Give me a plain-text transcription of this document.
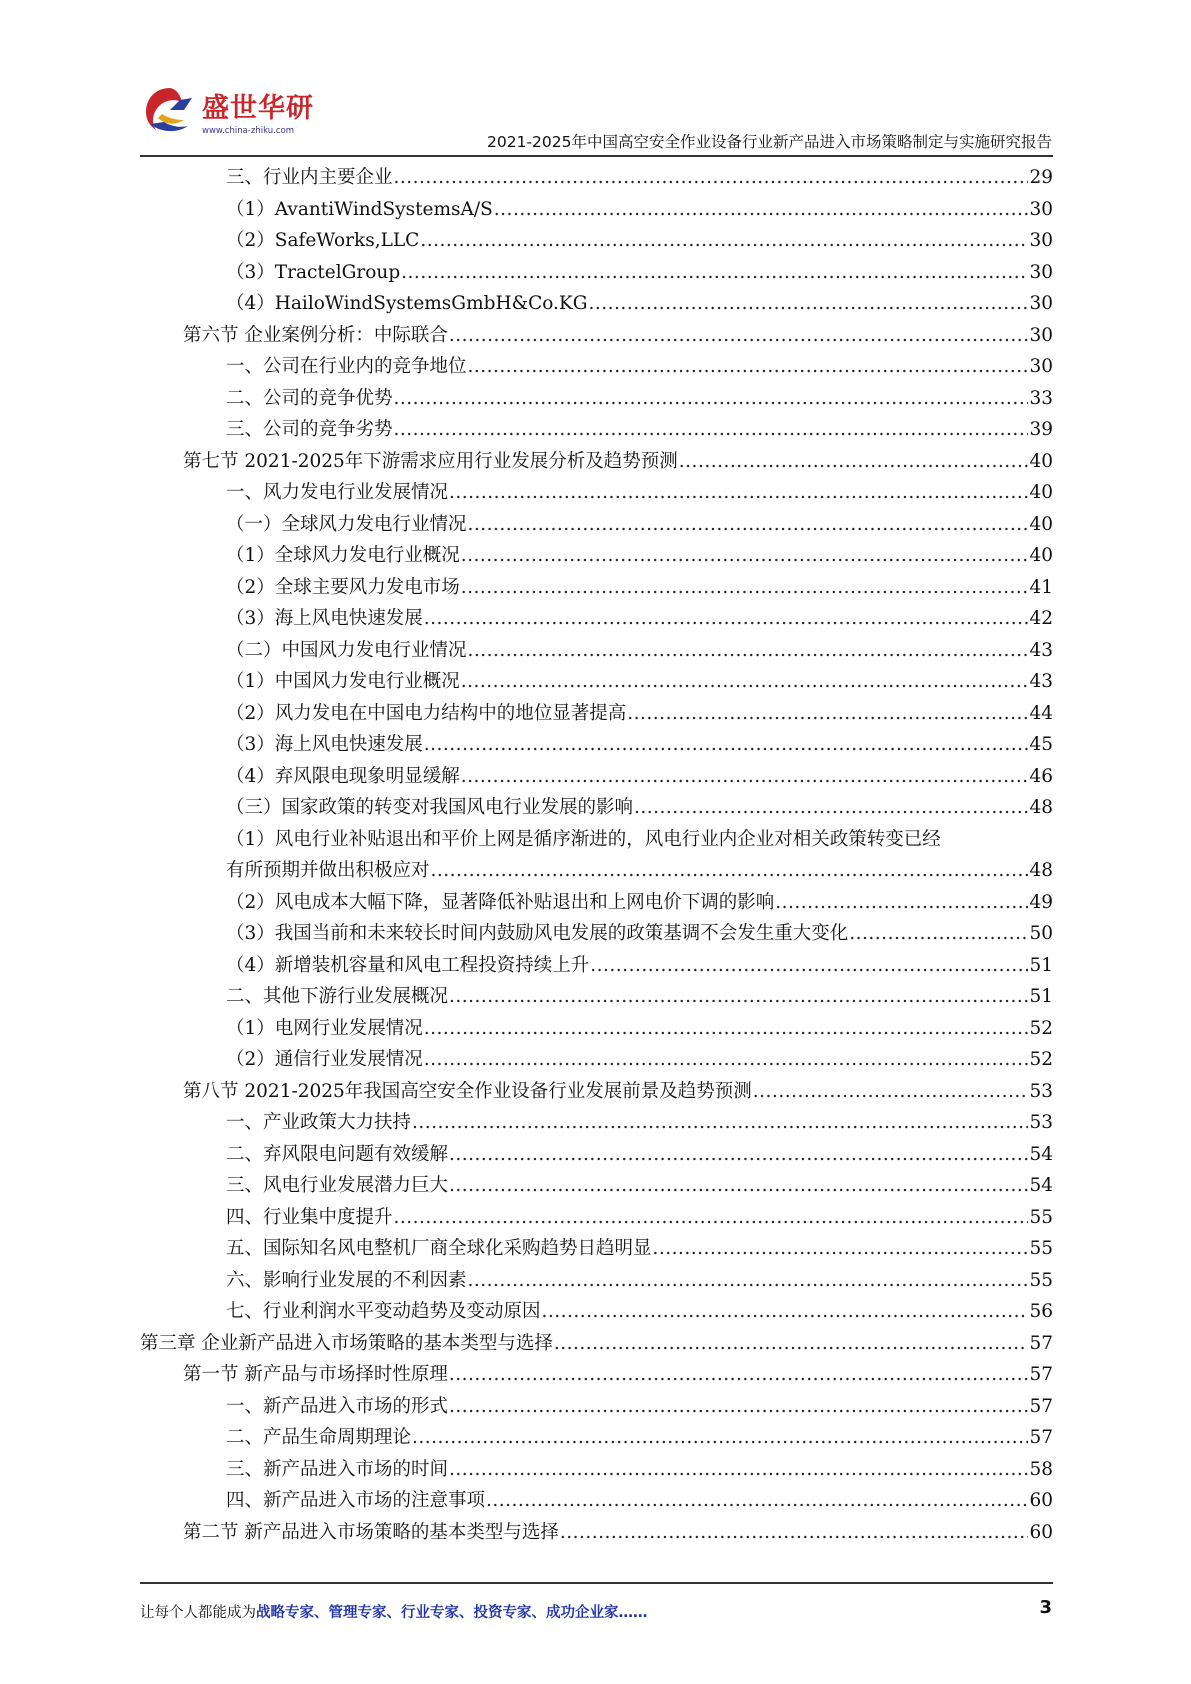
盛世华研
www.china-zhiku.com
2021-2025年中国高空安全作业设备行业新产品进入市场策略制定与实施研究报告
三、行业内主要企业 .....	29
（1）AvantiWindSystemsA/S .....	30
（2）SafeWorks,LLC .....	30
（3）TractelGroup .....	30
（4）HailoWindSystemsGmbH&Co.KG .....	30
第六节 企业案例分析：中际联合 .....	30
一、公司在行业内的竞争地位 .....	30
二、公司的竞争优势 .....	33
三、公司的竞争劣势 .....	39
第七节 2021-2025年下游需求应用行业发展分析及趋势预测 .....	40
一、风力发电行业发展情况 .....	40
（一）全球风力发电行业情况 .....	40
（1）全球风力发电行业概况 .....	40
（2）全球主要风力发电市场 .....	41
（3）海上风电快速发展 .....	42
（二）中国风力发电行业情况 .....	43
（1）中国风力发电行业概况 .....	43
（2）风力发电在中国电力结构中的地位显著提高 .....	44
（3）海上风电快速发展 .....	45
（4）弃风限电现象明显缓解 .....	46
（三）国家政策的转变对我国风电行业发展的影响 .....	48
（1）风电行业补贴退出和平价上网是循序渐进的，风电行业内企业对相关政策转变已经
有所预期并做出积极应对 .....	48
（2）风电成本大幅下降，显著降低补贴退出和上网电价下调的影响 .....	49
（3）我国当前和未来较长时间内鼓励风电发展的政策基调不会发生重大变化 .....	50
（4）新增装机容量和风电工程投资持续上升 .....	51
二、其他下游行业发展概况 .....	51
（1）电网行业发展情况 .....	52
（2）通信行业发展情况 .....	52
第八节 2021-2025年我国高空安全作业设备行业发展前景及趋势预测 .....	53
一、产业政策大力扶持 .....	53
二、弃风限电问题有效缓解 .....	54
三、风电行业发展潜力巨大 .....	54
四、行业集中度提升 .....	55
五、国际知名风电整机厂商全球化采购趋势日趋明显 .....	55
六、影响行业发展的不利因素 .....	55
七、行业利润水平变动趋势及变动原因 .....	56
第三章 企业新产品进入市场策略的基本类型与选择 .....	57
第一节 新产品与市场择时性原理 .....	57
一、新产品进入市场的形式 .....	57
二、产品生命周期理论 .....	57
三、新产品进入市场的时间 .....	58
四、新产品进入市场的注意事项 .....	60
第二节 新产品进入市场策略的基本类型与选择 .....	60
让每个人都能成为战略专家、管理专家、行业专家、投资专家、成功企业家……	3
